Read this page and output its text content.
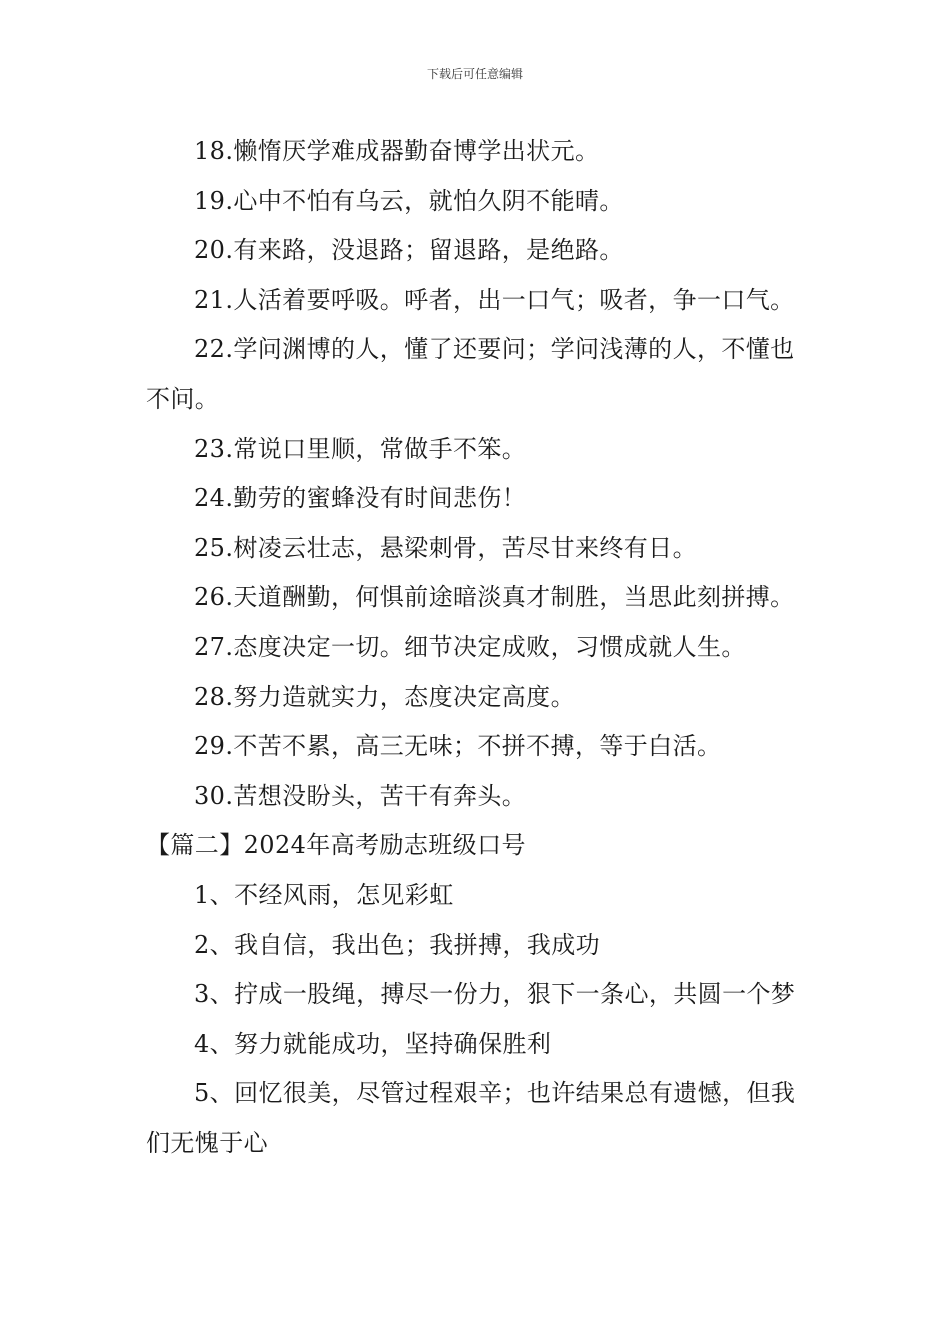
下载后可任意编辑

18.懒惰厌学难成器勤奋博学出状元。

19.心中不怕有乌云，就怕久阴不能晴。

20.有来路，没退路；留退路，是绝路。

21.人活着要呼吸。呼者，出一口气；吸者，争一口气。

22.学问渊博的人，懂了还要问；学问浅薄的人，不懂也不问。

23.常说口里顺，常做手不笨。

24.勤劳的蜜蜂没有时间悲伤！

25.树凌云壮志，悬梁刺骨，苦尽甘来终有日。

26.天道酬勤，何惧前途暗淡真才制胜，当思此刻拼搏。

27.态度决定一切。细节决定成败，习惯成就人生。

28.努力造就实力，态度决定高度。

29.不苦不累，高三无味；不拼不搏，等于白活。

30.苦想没盼头，苦干有奔头。

【篇二】2024年高考励志班级口号

1、不经风雨，怎见彩虹

2、我自信，我出色；我拼搏，我成功

3、拧成一股绳，搏尽一份力，狠下一条心，共圆一个梦

4、努力就能成功，坚持确保胜利

5、回忆很美，尽管过程艰辛；也许结果总有遗憾，但我们无愧于心
